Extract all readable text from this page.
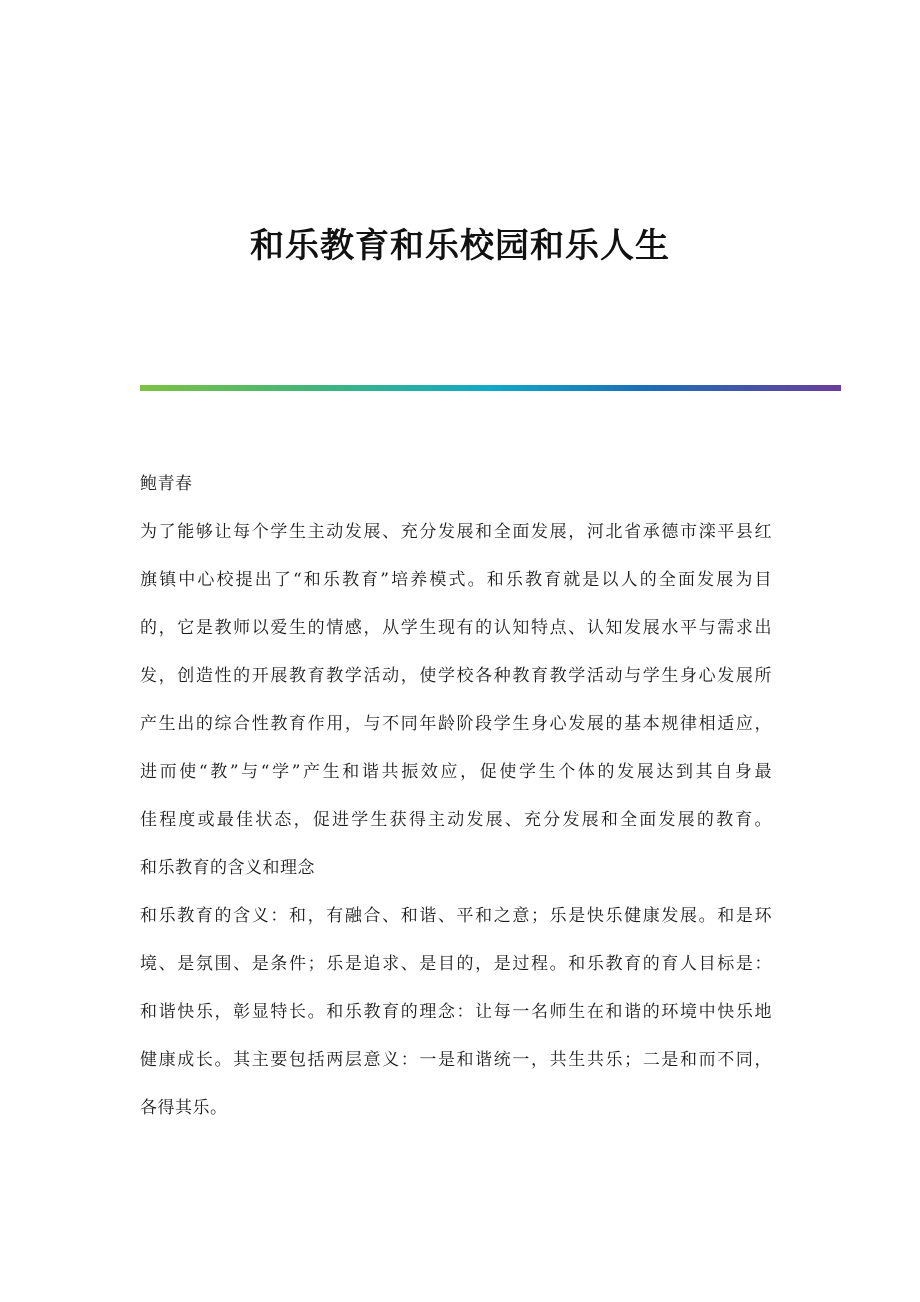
和乐教育和乐校园和乐人生

鲍青春

为了能够让每个学生主动发展、充分发展和全面发展，河北省承德市滦平县红

旗镇中心校提出了“和乐教育”培养模式。和乐教育就是以人的全面发展为目

的，它是教师以爱生的情感，从学生现有的认知特点、认知发展水平与需求出

发，创造性的开展教育教学活动，使学校各种教育教学活动与学生身心发展所

产生出的综合性教育作用，与不同年龄阶段学生身心发展的基本规律相适应，

进而使“教”与“学”产生和谐共振效应，促使学生个体的发展达到其自身最

佳程度或最佳状态，促进学生获得主动发展、充分发展和全面发展的教育。

和乐教育的含义和理念

和乐教育的含义：和，有融合、和谐、平和之意；乐是快乐健康发展。和是环

境、是氛围、是条件；乐是追求、是目的，是过程。和乐教育的育人目标是：

和谐快乐，彰显特长。和乐教育的理念：让每一名师生在和谐的环境中快乐地

健康成长。其主要包括两层意义：一是和谐统一，共生共乐；二是和而不同，

各得其乐。
